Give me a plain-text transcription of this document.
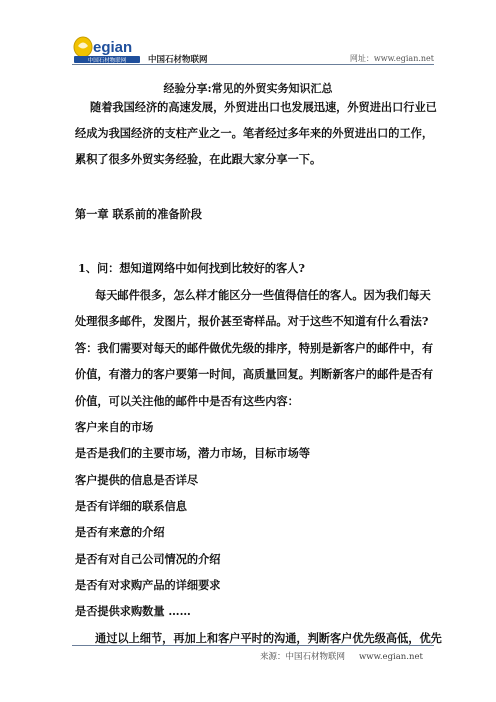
egian
中国石材物联网	中国石材物联网	网址：www.egian.net
经验分享:常见的外贸实务知识汇总
随着我国经济的高速发展，外贸进出口也发展迅速，外贸进出口行业已
经成为我国经济的支柱产业之一。笔者经过多年来的外贸进出口的工作，
累积了很多外贸实务经验，在此跟大家分享一下。
第一章 联系前的准备阶段
1、问：想知道网络中如何找到比较好的客人?
每天邮件很多，怎么样才能区分一些值得信任的客人。因为我们每天
处理很多邮件，发图片，报价甚至寄样品。对于这些不知道有什么看法?
答：我们需要对每天的邮件做优先级的排序，特别是新客户的邮件中，有
价值，有潜力的客户要第一时间，高质量回复。判断新客户的邮件是否有
价值，可以关注他的邮件中是否有这些内容：
客户来自的市场
是否是我们的主要市场，潜力市场，目标市场等
客户提供的信息是否详尽
是否有详细的联系信息
是否有来意的介绍
是否有对自己公司情况的介绍
是否有对求购产品的详细要求
是否提供求购数量 ……
通过以上细节，再加上和客户平时的沟通，判断客户优先级高低，优先
来源：中国石材物联网 www.egian.net
